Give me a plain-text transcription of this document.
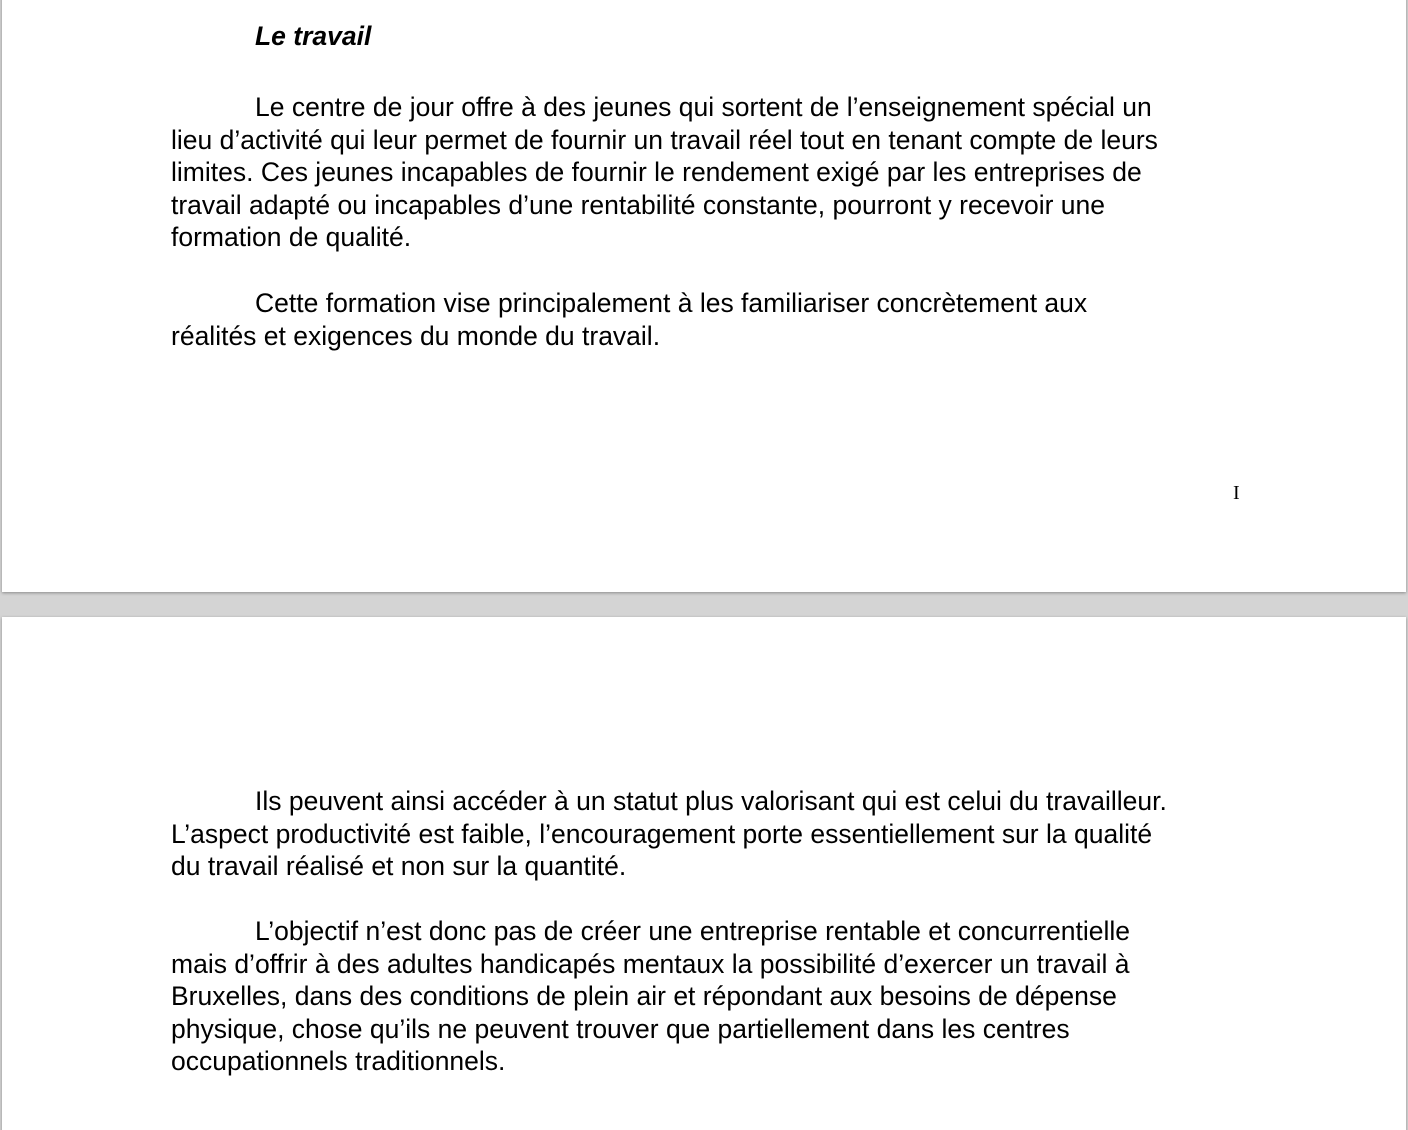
Le travail

Le centre de jour offre à des jeunes qui sortent de l’enseignement spécial un
lieu d’activité qui leur permet de fournir un travail réel tout en tenant compte de leurs
limites. Ces jeunes incapables de fournir le rendement exigé par les entreprises de
travail adapté ou incapables d’une rentabilité constante, pourront y recevoir une
formation de qualité.

Cette formation vise principalement à les familiariser concrètement aux
réalités et exigences du monde du travail.

I

Ils peuvent ainsi accéder à un statut plus valorisant qui est celui du travailleur.
L’aspect productivité est faible, l’encouragement porte essentiellement sur la qualité
du travail réalisé et non sur la quantité.

L’objectif n’est donc pas de créer une entreprise rentable et concurrentielle
mais d’offrir à des adultes handicapés mentaux la possibilité d’exercer un travail à
Bruxelles, dans des conditions de plein air et répondant aux besoins de dépense
physique, chose qu’ils ne peuvent trouver que partiellement dans les centres
occupationnels traditionnels.
